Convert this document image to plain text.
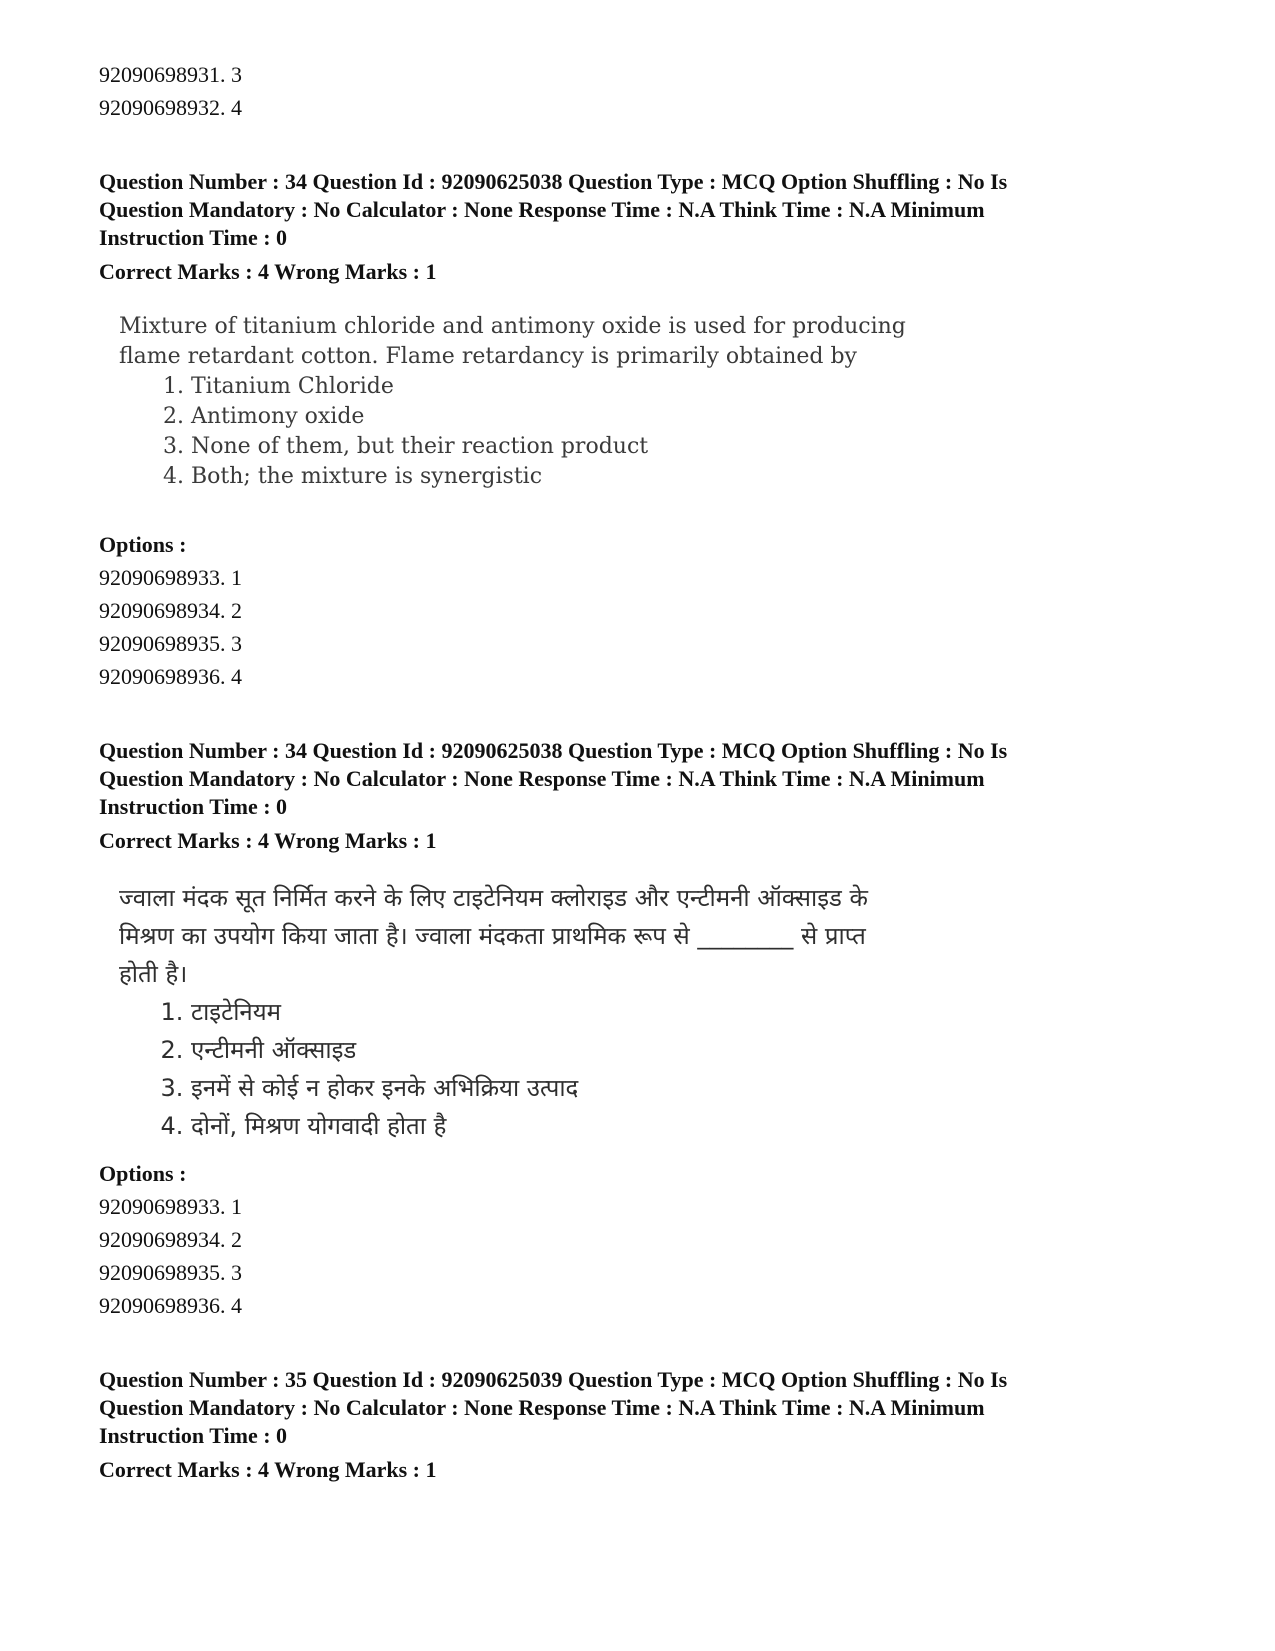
92090698931. 3

92090698932. 4

Question Number : 34 Question Id : 92090625038 Question Type : MCQ Option Shuffling : No Is

Question Mandatory : No Calculator : None Response Time : N.A Think Time : N.A Minimum

Instruction Time : 0

Correct Marks : 4 Wrong Marks : 1

Mixture of titanium chloride and antimony oxide is used for producing

flame retardant cotton. Flame retardancy is primarily obtained by

1. Titanium Chloride
2. Antimony oxide
3. None of them, but their reaction product
4. Both; the mixture is synergistic

Options :

92090698933. 1

92090698934. 2

92090698935. 3

92090698936. 4

Question Number : 34 Question Id : 92090625038 Question Type : MCQ Option Shuffling : No Is

Question Mandatory : No Calculator : None Response Time : N.A Think Time : N.A Minimum

Instruction Time : 0

Correct Marks : 4 Wrong Marks : 1

ज्वाला मंदक सूत निर्मित करने के लिए टाइटेनियम क्लोराइड और एन्टीमनी ऑक्साइड के

मिश्रण का उपयोग किया जाता है। ज्वाला मंदकता प्राथमिक रूप से ________ से प्राप्त

होती है।

1. टाइटेनियम
2. एन्टीमनी ऑक्साइड
3. इनमें से कोई न होकर इनके अभिक्रिया उत्पाद
4. दोनों, मिश्रण योगवादी होता है

Options :

92090698933. 1

92090698934. 2

92090698935. 3

92090698936. 4

Question Number : 35 Question Id : 92090625039 Question Type : MCQ Option Shuffling : No Is

Question Mandatory : No Calculator : None Response Time : N.A Think Time : N.A Minimum

Instruction Time : 0

Correct Marks : 4 Wrong Marks : 1
